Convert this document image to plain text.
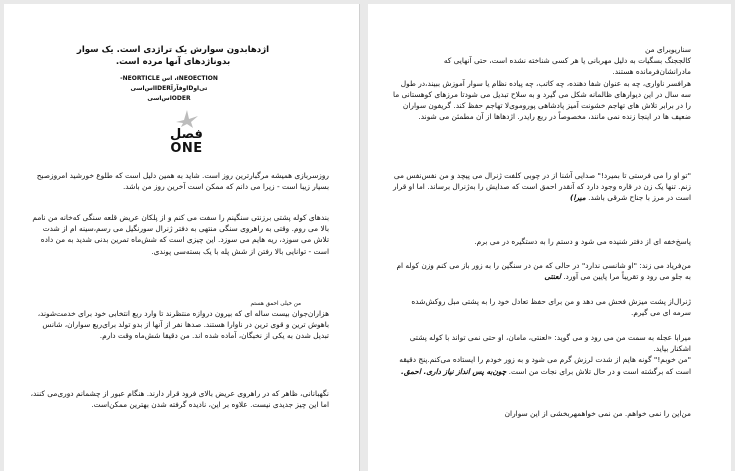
اژدهابدون سوارش یک تراژدی است. یک سوار

بدوناژدهای آنها مرده است.

ıNEOECTION، اس NEORTICLE-

تی‌اوDاوفآرآIDERاس‌اسی

ODERاس‌اسی

فصل
ONE

روزسربازی همیشه مرگبارترین روز است. شاید به همین دلیل است که طلوع خورشید امروزصبح بسیار زیبا است - زیرا می دانم که ممکن است آخرین روز من باشد.

بندهای کوله پشتی برزنتی سنگینم را سفت می کنم و از پلکان عریض قلعه سنگی کەخانه من نامم بالا می روم. وقتی به راهروی سنگی منتهی به دفتر ژنرال سورنگیل می رسم،سینه ام از شدت تلاش می سوزد، ریه هایم می سوزد. این چیزی است که شش‌ماه تمرین بدنی شدید به من داده است - توانایی بالا رفتن از شش پله با یک بسته‌سی پوندی.

من خیلی احمق هستم

هزاران‌جوان بیست ساله ای که بیرون دروازه منتظرند تا وارد ربع انتخابی خود برای خدمت‌شوند، باهوش ترین و قوی ترین در ناوارا هستند. صدها نفر از آنها از بدو تولد برای‌ربع سواران، شانس تبدیل شدن به یکی از نخبگان، آماده شده اند. من دقیقا شش‌ماه وقت دارم.

نگهبانانی، ظاهر که در راهروی عریض بالای فرود قرار دارند. هنگام عبور از چشمانم دوری‌می کنند، اما این چیز جدیدی نیست. علاوه بر این، نادیده گرفته شدن بهترین ممکن‌است.

سناریوبرای من
کالججنگ بسگیات به دلیل مهربانی یا هر کسی شناخته نشده است، حتی آنهایی که مادرانشان‌فرمانده هستند.
هرافسر ناواری، چه به عنوان شفا دهنده، چه کاتب، چه پیاده نظام یا سوار آموزش ببیند،در طول سه سال در این دیوارهای ظالمانه شکل می گیرد و به سلاح تبدیل می شودتا مرزهای کوهستانی ما را در برابر تلاش های تهاجم خشونت آمیز پادشاهی پوروموی‌لا تهاجم حفظ کند. گریفون سواران ضعیف ها در اینجا زنده نمی مانند، مخصوصاً در ربع رایدر. اژدهاها از آن مطمئن می شوند.

"تو او را می فرستی تا بمیرد!" صدایی آشنا از در چوبی کلفت ژنرال می پیچد و من نفس‌نفس می زنم. تنها یک زن در قاره وجود دارد که آنقدر احمق است که صدایش را به‌ژنرال برساند. اما او قرار است در مرز با جناح شرقی باشد. میرا)

پاسخ‌خفه ای از دفتر شنیده می شود و دستم را به دستگیره در می برم.

من‌فریاد می زند: "او شانسی ندارد" در حالی که من در سنگین را به زور باز می کنم وزن کوله ام به جلو می رود و تقریباً مرا پایین می آورد. لعنتی

ژنرال‌از پشت میزش فحش می دهد و من برای حفظ تعادل خود را به پشتی مبل روکش‌شده سرمه ای می گیرم.

میرابا عجله به سمت من می رود و می گوید: «لعنتی، مامان، او حتی نمی تواند با کوله پشتی اشکنار بیاید.
"من خوبم!" گونه هایم از شدت لرزش گرم می شود و به زور خودم را ایستاده می‌کنم.پنج دقیقه است که برگشته است و در حال تلاش برای نجات من است. چون‌به پس انداز نیاز داری. احمق.

من‌این را نمی خواهم. من نمی خواهمهربخشی از این سواران
